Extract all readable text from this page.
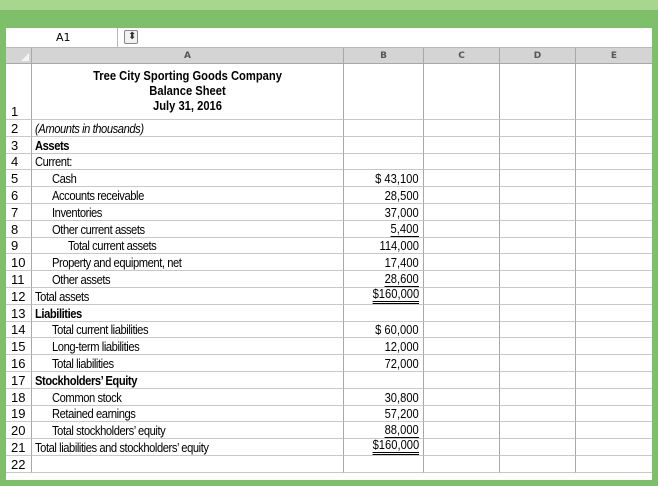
A1	⬍
A	B	C	D	E
1
Tree City Sporting Goods Company
Balance Sheet
July 31, 2016
2	(Amounts in thousands)
3	Assets
4	Current:
5	Cash	$ 43,100
6	Accounts receivable	28,500
7	Inventories	37,000
8	Other current assets	5,400
9	Total current assets	114,000
10	Property and equipment, net	17,400
11	Other assets	28,600
12 Total assets	$160,000
13 Liabilities
14	Total current liabilities	$ 60,000
15	Long-term liabilities	12,000
16	Total liabilities	72,000
17 Stockholders’ Equity
18	Common stock	30,800
19	Retained earnings	57,200
20	Total stockholders’ equity	88,000
21 Total liabilities and stockholders’ equity	$160,000
22
